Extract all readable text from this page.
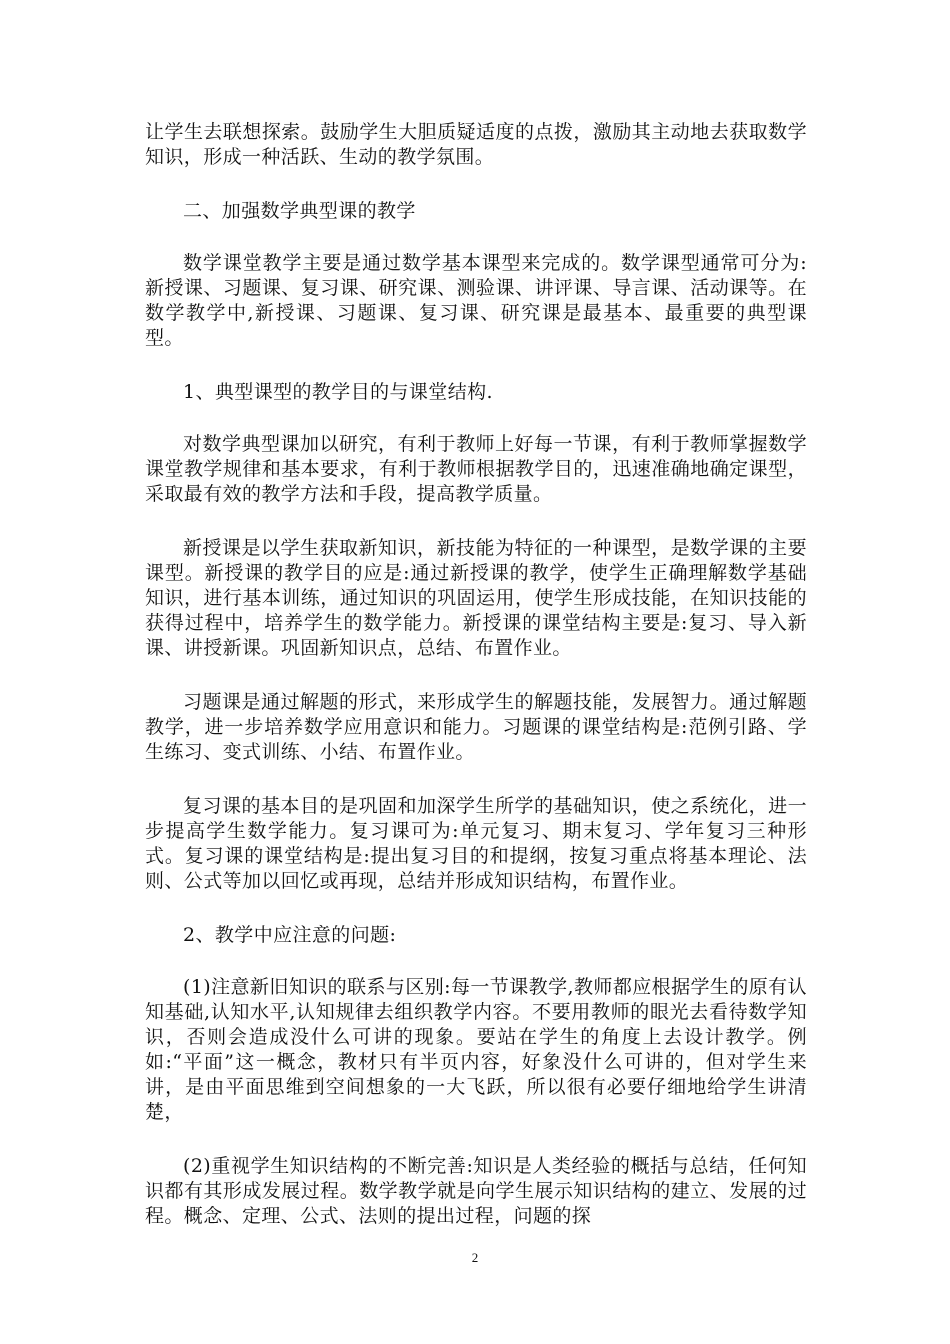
让学生去联想探索。鼓励学生大胆质疑适度的点拨，激励其主动地去获取数学知识，形成一种活跃、生动的教学氛围。

二、加强数学典型课的教学

数学课堂教学主要是通过数学基本课型来完成的。数学课型通常可分为:新授课、习题课、复习课、研究课、测验课、讲评课、导言课、活动课等。在数学教学中,新授课、习题课、复习课、研究课是最基本、最重要的典型课型。

1、典型课型的教学目的与课堂结构.

对数学典型课加以研究，有利于教师上好每一节课，有利于教师掌握数学课堂教学规律和基本要求，有利于教师根据教学目的，迅速准确地确定课型，采取最有效的教学方法和手段，提高教学质量。

新授课是以学生获取新知识，新技能为特征的一种课型，是数学课的主要课型。新授课的教学目的应是:通过新授课的教学，使学生正确理解数学基础知识，进行基本训练，通过知识的巩固运用，使学生形成技能，在知识技能的获得过程中，培养学生的数学能力。新授课的课堂结构主要是:复习、导入新课、讲授新课。巩固新知识点，总结、布置作业。

习题课是通过解题的形式，来形成学生的解题技能，发展智力。通过解题教学，进一步培养数学应用意识和能力。习题课的课堂结构是:范例引路、学生练习、变式训练、小结、布置作业。

复习课的基本目的是巩固和加深学生所学的基础知识，使之系统化，进一步提高学生数学能力。复习课可为:单元复习、期末复习、学年复习三种形式。复习课的课堂结构是:提出复习目的和提纲，按复习重点将基本理论、法则、公式等加以回忆或再现，总结并形成知识结构，布置作业。

2、教学中应注意的问题:

(1)注意新旧知识的联系与区别:每一节课教学,教师都应根据学生的原有认知基础,认知水平,认知规律去组织教学内容。不要用教师的眼光去看待数学知识，否则会造成没什么可讲的现象。要站在学生的角度上去设计教学。例如:“平面”这一概念，教材只有半页内容，好象没什么可讲的，但对学生来讲，是由平面思维到空间想象的一大飞跃，所以很有必要仔细地给学生讲清楚，

(2)重视学生知识结构的不断完善:知识是人类经验的概括与总结，任何知识都有其形成发展过程。数学教学就是向学生展示知识结构的建立、发展的过程。概念、定理、公式、法则的提出过程，问题的探

2
